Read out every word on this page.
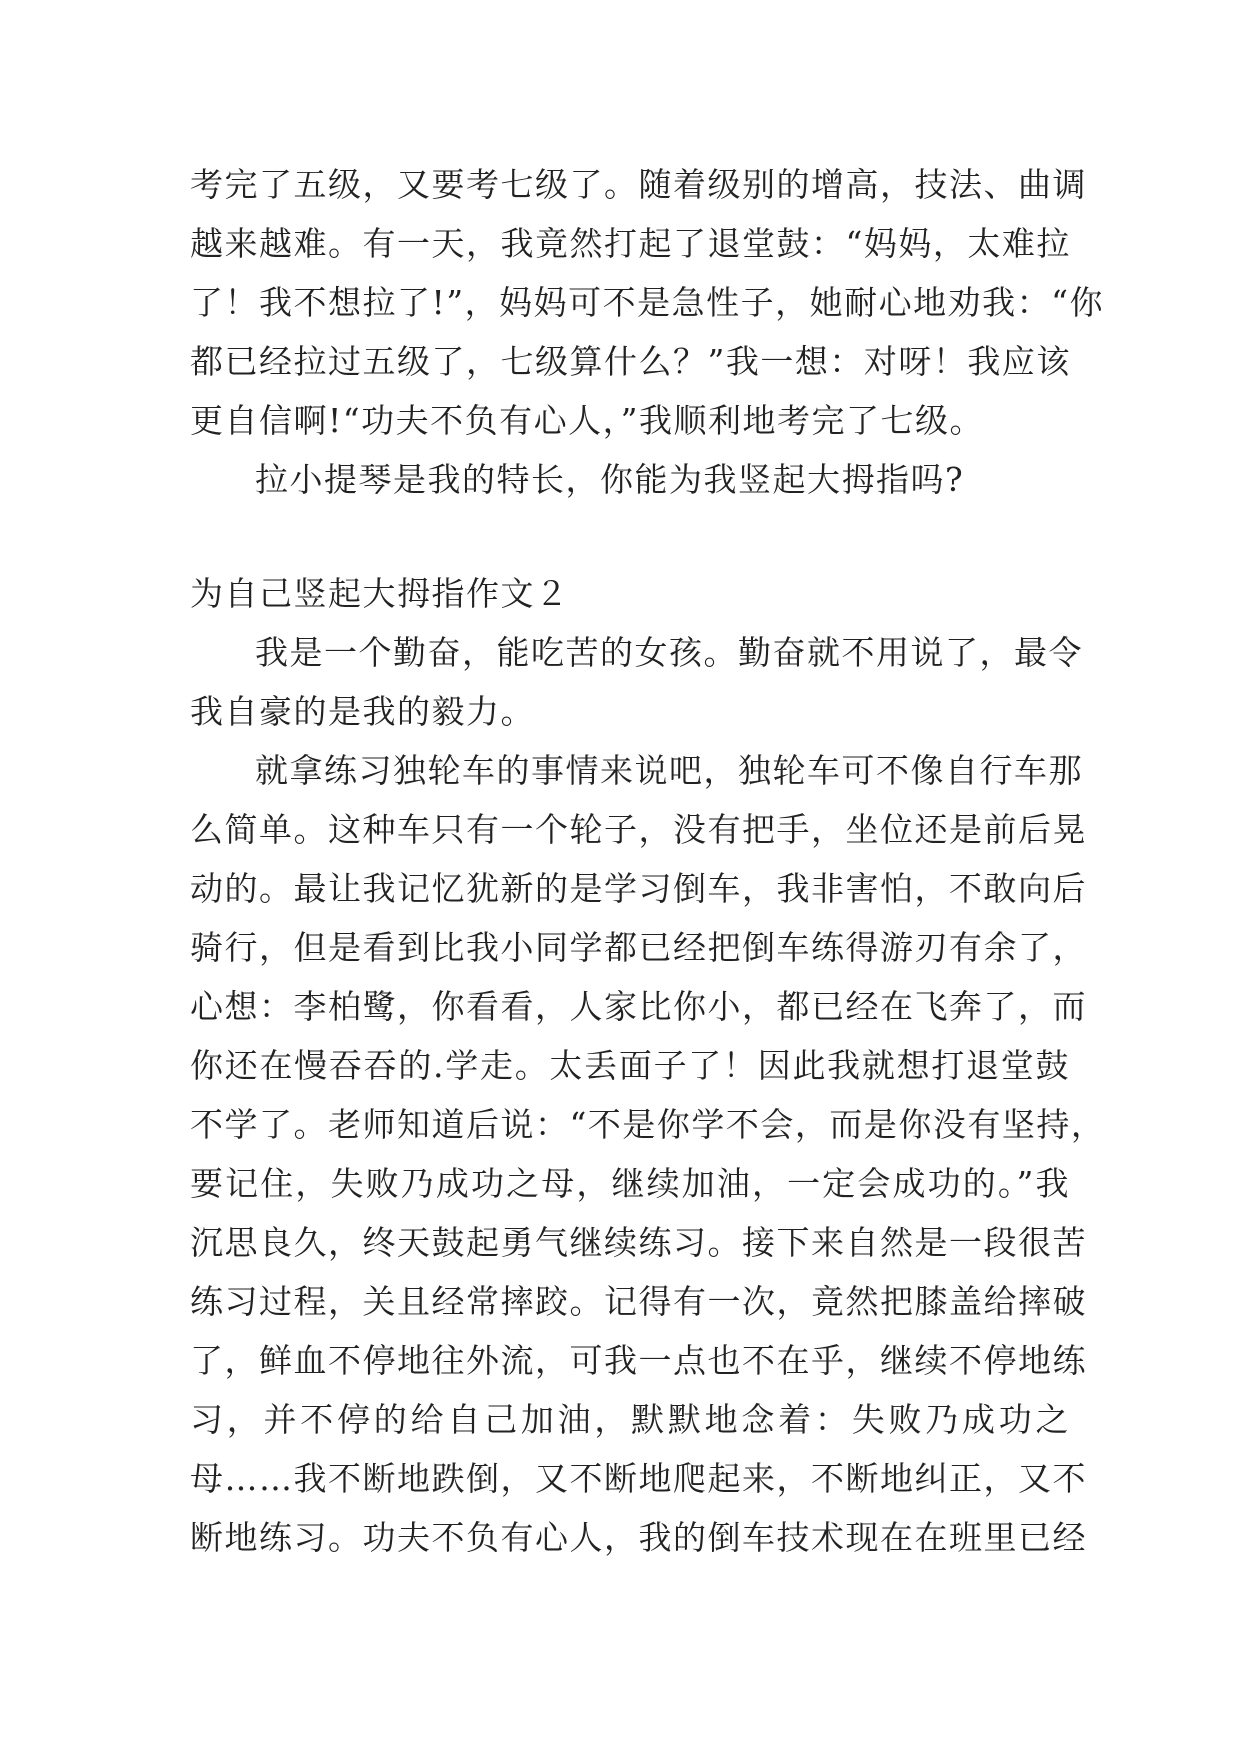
考完了五级，又要考七级了。随着级别的增高，技法、曲调
越来越难。有一天，我竟然打起了退堂鼓：“妈妈，太难拉
了！我不想拉了!”，妈妈可不是急性子，她耐心地劝我：“你
都已经拉过五级了，七级算什么？”我一想：对呀！我应该
更自信啊!“功夫不负有心人，”我顺利地考完了七级。
拉小提琴是我的特长，你能为我竖起大拇指吗?
为自己竖起大拇指作文２
我是一个勤奋，能吃苦的女孩。勤奋就不用说了，最令
我自豪的是我的毅力。
就拿练习独轮车的事情来说吧，独轮车可不像自行车那
么简单。这种车只有一个轮子，没有把手，坐位还是前后晃
动的。最让我记忆犹新的是学习倒车，我非害怕，不敢向后
骑行，但是看到比我小同学都已经把倒车练得游刃有余了，
心想：李柏鹭，你看看，人家比你小，都已经在飞奔了，而
你还在慢吞吞的.学走。太丢面子了！因此我就想打退堂鼓
不学了。老师知道后说：“不是你学不会，而是你没有坚持，
要记住，失败乃成功之母，继续加油，一定会成功的。”我
沉思良久，终天鼓起勇气继续练习。接下来自然是一段很苦
练习过程，关且经常摔跤。记得有一次，竟然把膝盖给摔破
了，鲜血不停地往外流，可我一点也不在乎，继续不停地练
习，并不停的给自己加油，默默地念着：失败乃成功之
母……我不断地跌倒，又不断地爬起来，不断地纠正，又不
断地练习。功夫不负有心人，我的倒车技术现在在班里已经
